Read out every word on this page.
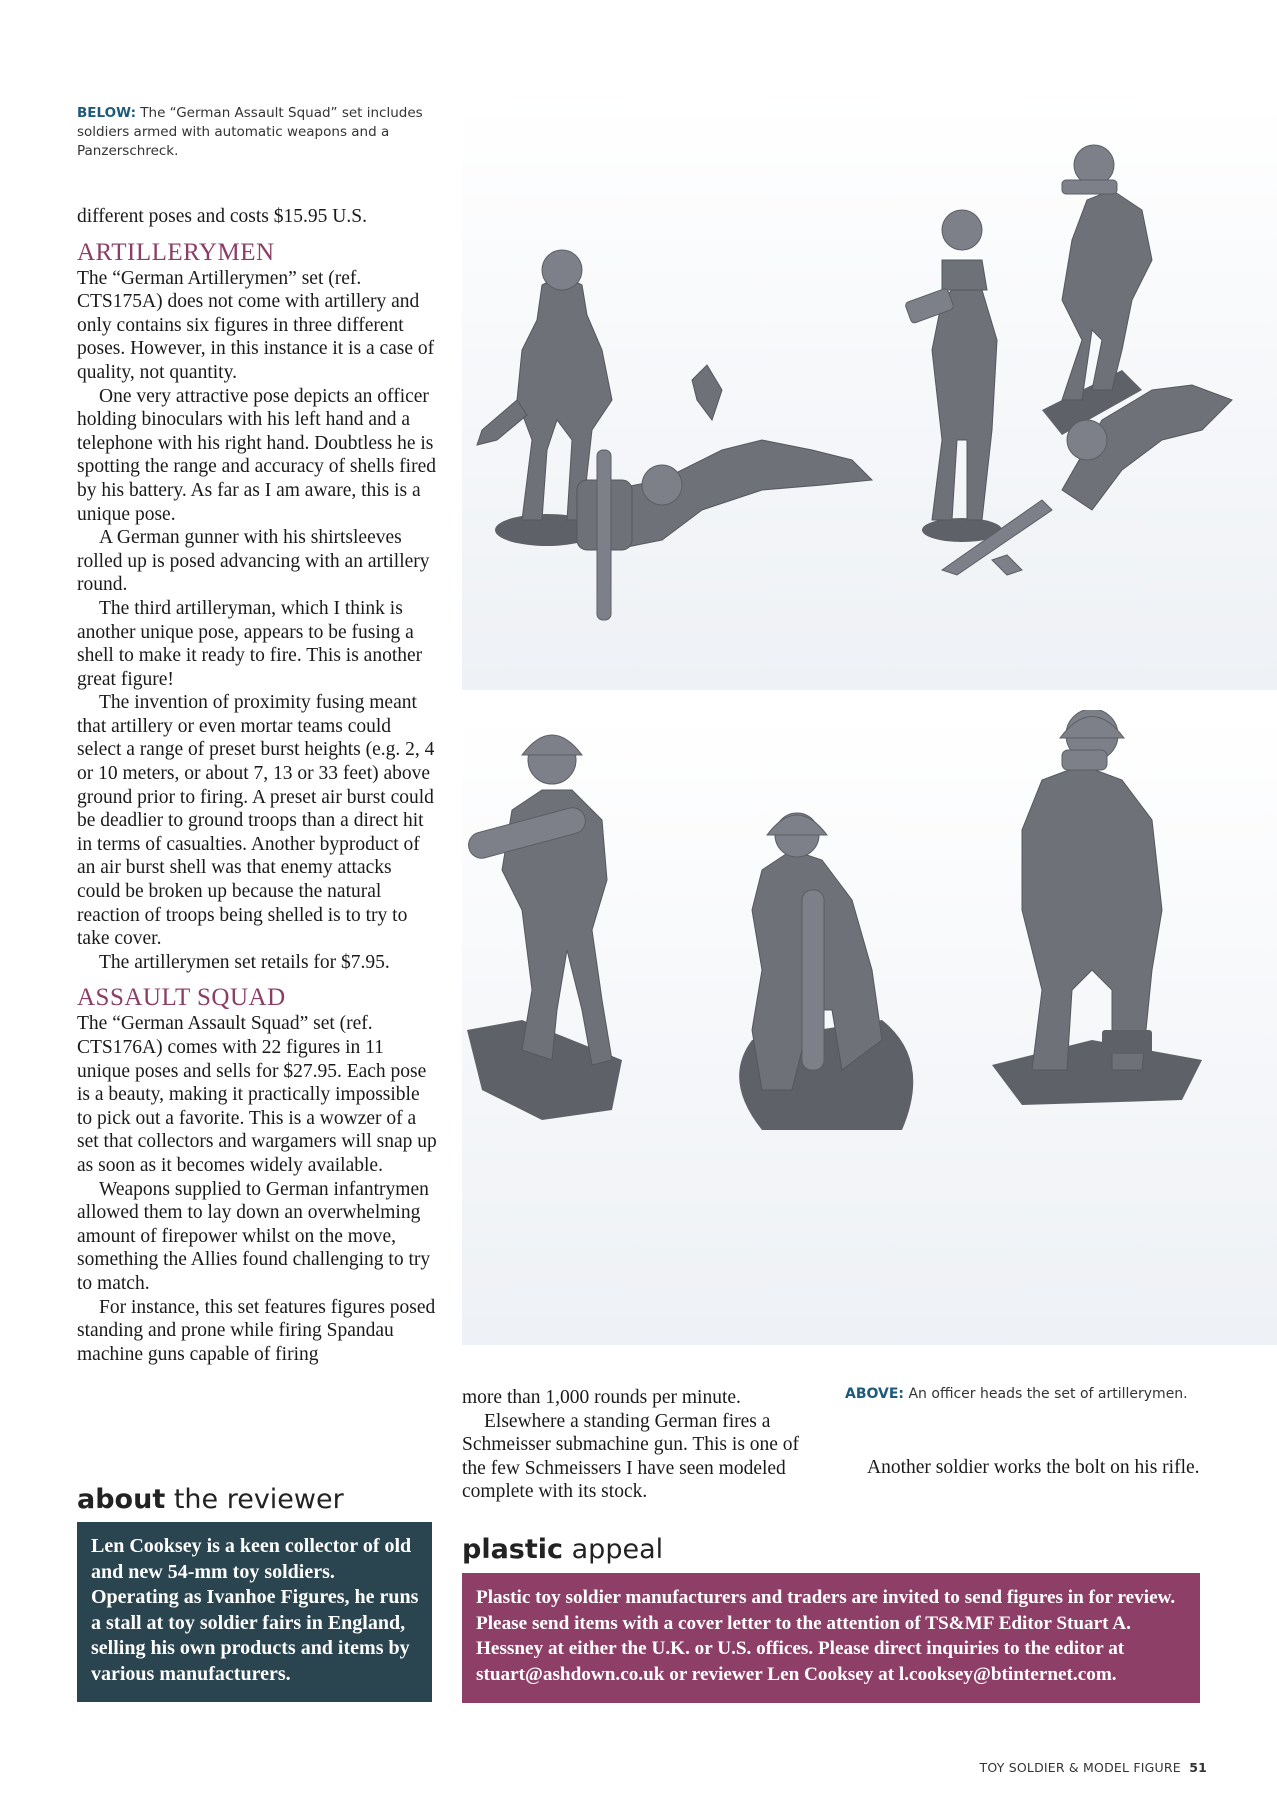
BELOW: The “German Assault Squad” set includes soldiers armed with automatic weapons and a Panzerschreck.

different poses and costs $15.95 U.S.

ARTILLERYMEN

The “German Artillerymen” set (ref. CTS175A) does not come with artillery and only contains six figures in three different poses. However, in this instance it is a case of quality, not quantity.

One very attractive pose depicts an officer holding binoculars with his left hand and a telephone with his right hand. Doubtless he is spotting the range and accuracy of shells fired by his battery. As far as I am aware, this is a unique pose.

A German gunner with his shirtsleeves rolled up is posed advancing with an artillery round.

The third artilleryman, which I think is another unique pose, appears to be fusing a shell to make it ready to fire. This is another great figure!

The invention of proximity fusing meant that artillery or even mortar teams could select a range of preset burst heights (e.g. 2, 4 or 10 meters, or about 7, 13 or 33 feet) above ground prior to firing. A preset air burst could be deadlier to ground troops than a direct hit in terms of casualties. Another byproduct of an air burst shell was that enemy attacks could be broken up because the natural reaction of troops being shelled is to try to take cover.

The artillerymen set retails for $7.95.

ASSAULT SQUAD

The “German Assault Squad” set (ref. CTS176A) comes with 22 figures in 11 unique poses and sells for $27.95. Each pose is a beauty, making it practically impossible to pick out a favorite. This is a wowzer of a set that collectors and wargamers will snap up as soon as it becomes widely available.

Weapons supplied to German infantrymen allowed them to lay down an overwhelming amount of firepower whilst on the move, something the Allies found challenging to try to match.

For instance, this set features figures posed standing and prone while firing Spandau machine guns capable of firing

more than 1,000 rounds per minute.

Elsewhere a standing German fires a Schmeisser submachine gun. This is one of the few Schmeissers I have seen modeled complete with its stock.

ABOVE: An officer heads the set of artillerymen.

Another soldier works the bolt on his rifle.

about the reviewer
Len Cooksey is a keen collector of old and new 54-mm toy soldiers. Operating as Ivanhoe Figures, he runs a stall at toy soldier fairs in England, selling his own products and items by various manufacturers.
plastic appeal
Plastic toy soldier manufacturers and traders are invited to send figures in for review. Please send items with a cover letter to the attention of TS&MF Editor Stuart A. Hessney at either the U.K. or U.S. offices. Please direct inquiries to the editor at stuart@ashdown.co.uk or reviewer Len Cooksey at l.cooksey@btinternet.com.
TOY SOLDIER & MODEL FIGURE 51
